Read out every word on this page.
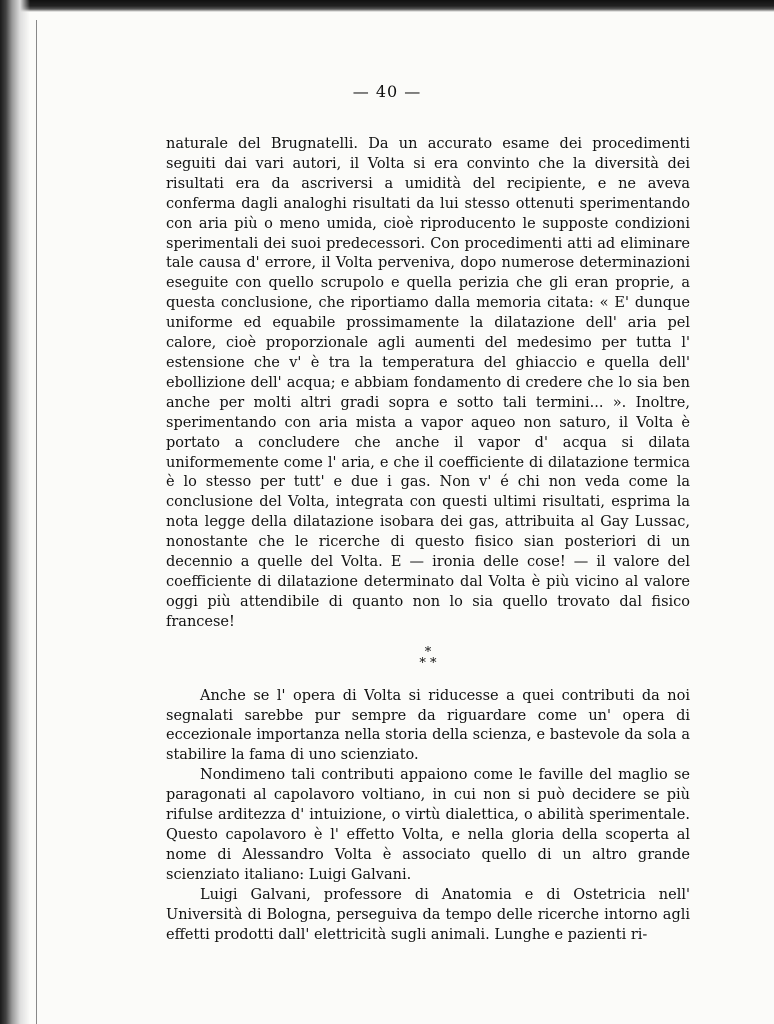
— 40 —

naturale del Brugnatelli. Da un accurato esame dei procedimenti seguiti dai vari autori, il Volta si era convinto che la diversità dei risultati era da ascriversi a umidità del recipiente, e ne aveva conferma dagli analoghi risultati da lui stesso ottenuti sperimentando con aria più o meno umida, cioè riproducento le supposte condizioni sperimentali dei suoi predecessori. Con procedimenti atti ad eliminare tale causa d' errore, il Volta perveniva, dopo numerose determinazioni eseguite con quello scrupolo e quella perizia che gli eran proprie, a questa conclusione, che riportiamo dalla memoria citata: « E' dunque uniforme ed equabile prossimamente la dilatazione dell' aria pel calore, cioè proporzionale agli aumenti del medesimo per tutta l' estensione che v' è tra la temperatura del ghiaccio e quella dell' ebollizione dell' acqua; e abbiam fondamento di credere che lo sia ben anche per molti altri gradi sopra e sotto tali termini... ». Inoltre, sperimentando con aria mista a vapor aqueo non saturo, il Volta è portato a concludere che anche il vapor d' acqua si dilata uniformemente come l' aria, e che il coefficiente di dilatazione termica è lo stesso per tutt' e due i gas. Non v' é chi non veda come la conclusione del Volta, integrata con questi ultimi risultati, esprima la nota legge della dilatazione isobara dei gas, attribuita al Gay Lussac, nonostante che le ricerche di questo fisico sian posteriori di un decennio a quelle del Volta. E — ironia delle cose! — il valore del coefficiente di dilatazione determinato dal Volta è più vicino al valore oggi più attendibile di quanto non lo sia quello trovato dal fisico francese!

*
* *

Anche se l' opera di Volta si riducesse a quei contributi da noi segnalati sarebbe pur sempre da riguardare come un' opera di eccezionale importanza nella storia della scienza, e bastevole da sola a stabilire la fama di uno scienziato.

Nondimeno tali contributi appaiono come le faville del maglio se paragonati al capolavoro voltiano, in cui non si può decidere se più rifulse arditezza d' intuizione, o virtù dialettica, o abilità sperimentale. Questo capolavoro è l' effetto Volta, e nella gloria della scoperta al nome di Alessandro Volta è associato quello di un altro grande scienziato italiano: Luigi Galvani.

Luigi Galvani, professore di Anatomia e di Ostetricia nell' Università di Bologna, perseguiva da tempo delle ricerche intorno agli effetti prodotti dall' elettricità sugli animali. Lunghe e pazienti ri-
